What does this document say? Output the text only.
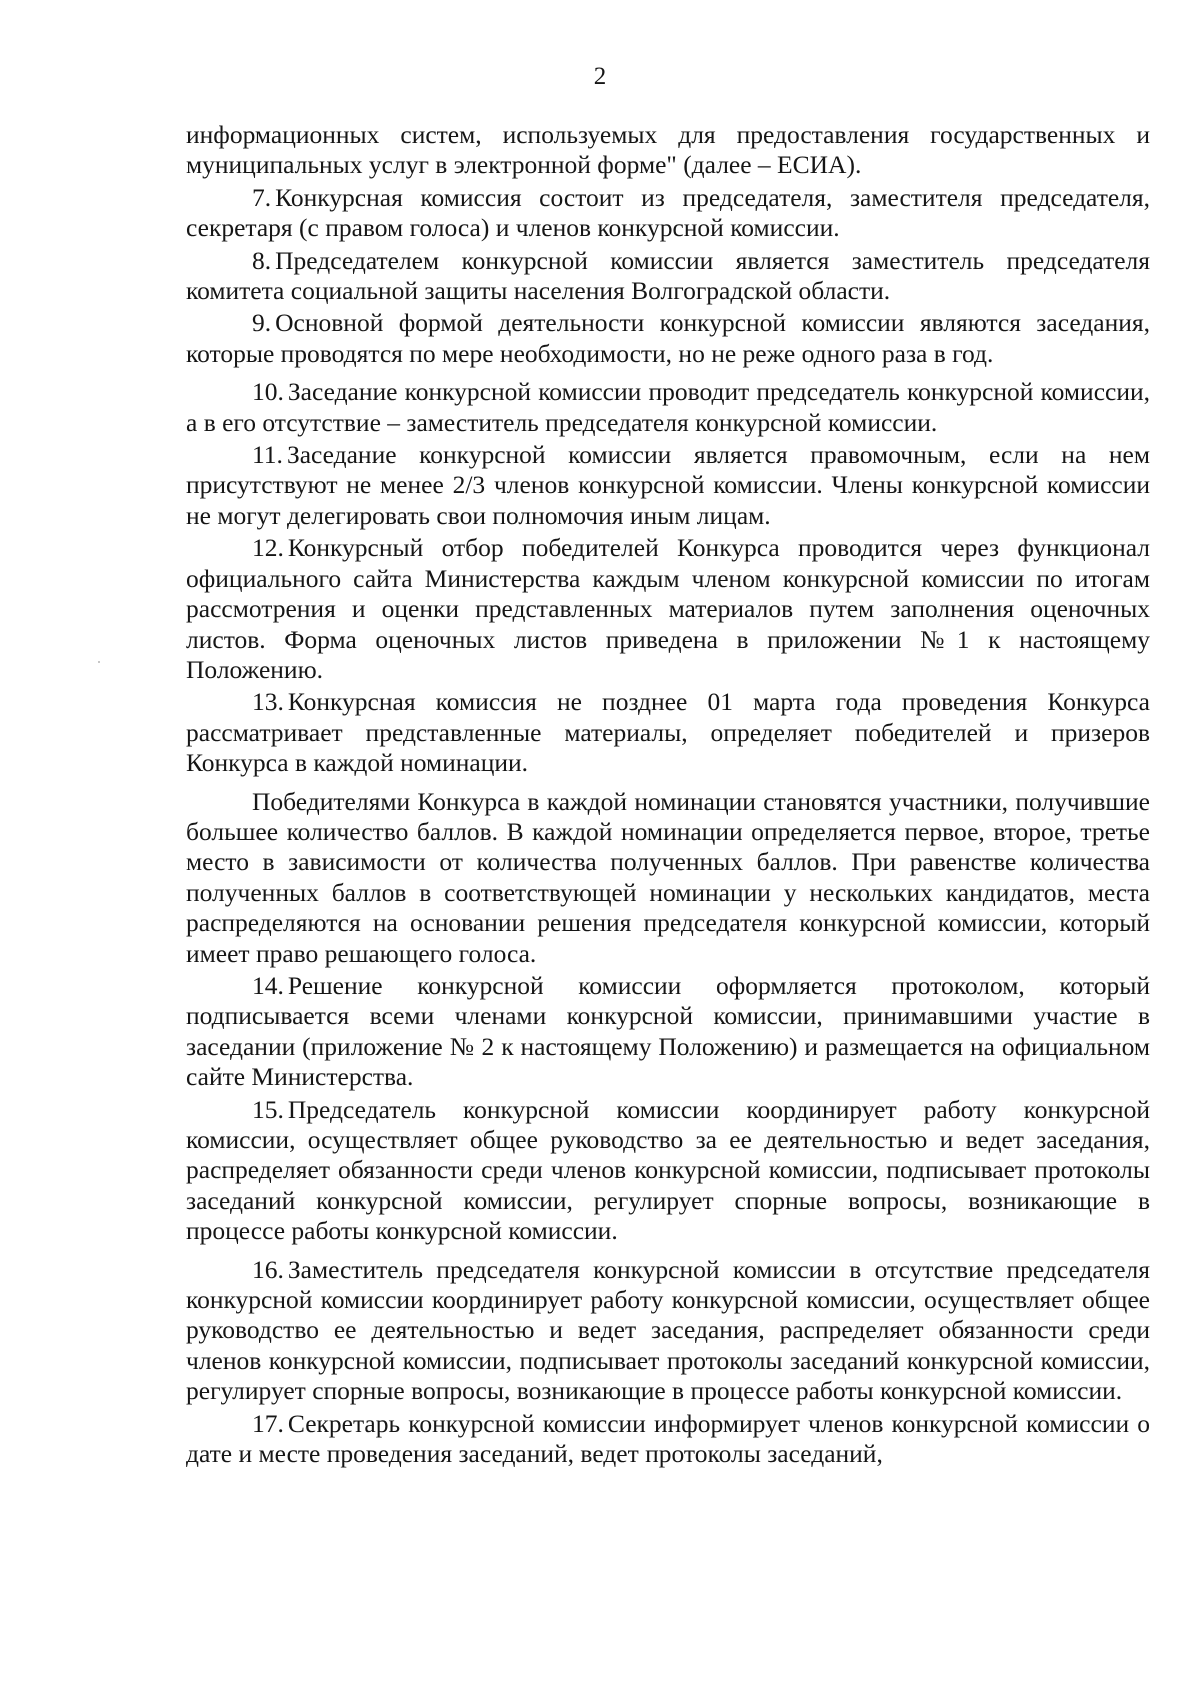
2

информационных систем, используемых для предоставления государственных и муниципальных услуг в электронной форме" (далее – ЕСИА).

7. Конкурсная комиссия состоит из председателя, заместителя председателя, секретаря (с правом голоса) и членов конкурсной комиссии.

8. Председателем конкурсной комиссии является заместитель председателя комитета социальной защиты населения Волгоградской области.

9. Основной формой деятельности конкурсной комиссии являются заседания, которые проводятся по мере необходимости, но не реже одного раза в год.

10. Заседание конкурсной комиссии проводит председатель конкурсной комиссии, а в его отсутствие – заместитель председателя конкурсной комиссии.

11. Заседание конкурсной комиссии является правомочным, если на нем присутствуют не менее 2/3 членов конкурсной комиссии. Члены конкурсной комиссии не могут делегировать свои полномочия иным лицам.

12. Конкурсный отбор победителей Конкурса проводится через функционал официального сайта Министерства каждым членом конкурсной комиссии по итогам рассмотрения и оценки представленных материалов путем заполнения оценочных листов. Форма оценочных листов приведена в приложении №1 к настоящему Положению.

13. Конкурсная комиссия не позднее 01 марта года проведения Конкурса рассматривает представленные материалы, определяет победителей и призеров Конкурса в каждой номинации.

Победителями Конкурса в каждой номинации становятся участники, получившие большее количество баллов. В каждой номинации определяется первое, второе, третье место в зависимости от количества полученных баллов. При равенстве количества полученных баллов в соответствующей номинации у нескольких кандидатов, места распределяются на основании решения председателя конкурсной комиссии, который имеет право решающего голоса.

14. Решение конкурсной комиссии оформляется протоколом, который подписывается всеми членами конкурсной комиссии, принимавшими участие в заседании (приложение № 2 к настоящему Положению) и размещается на официальном сайте Министерства.

15. Председатель конкурсной комиссии координирует работу конкурсной комиссии, осуществляет общее руководство за ее деятельностью и ведет заседания, распределяет обязанности среди членов конкурсной комиссии, подписывает протоколы заседаний конкурсной комиссии, регулирует спорные вопросы, возникающие в процессе работы конкурсной комиссии.

16. Заместитель председателя конкурсной комиссии в отсутствие председателя конкурсной комиссии координирует работу конкурсной комиссии, осуществляет общее руководство ее деятельностью и ведет заседания, распределяет обязанности среди членов конкурсной комиссии, подписывает протоколы заседаний конкурсной комиссии, регулирует спорные вопросы, возникающие в процессе работы конкурсной комиссии.

17. Секретарь конкурсной комиссии информирует членов конкурсной комиссии о дате и месте проведения заседаний, ведет протоколы заседаний,
